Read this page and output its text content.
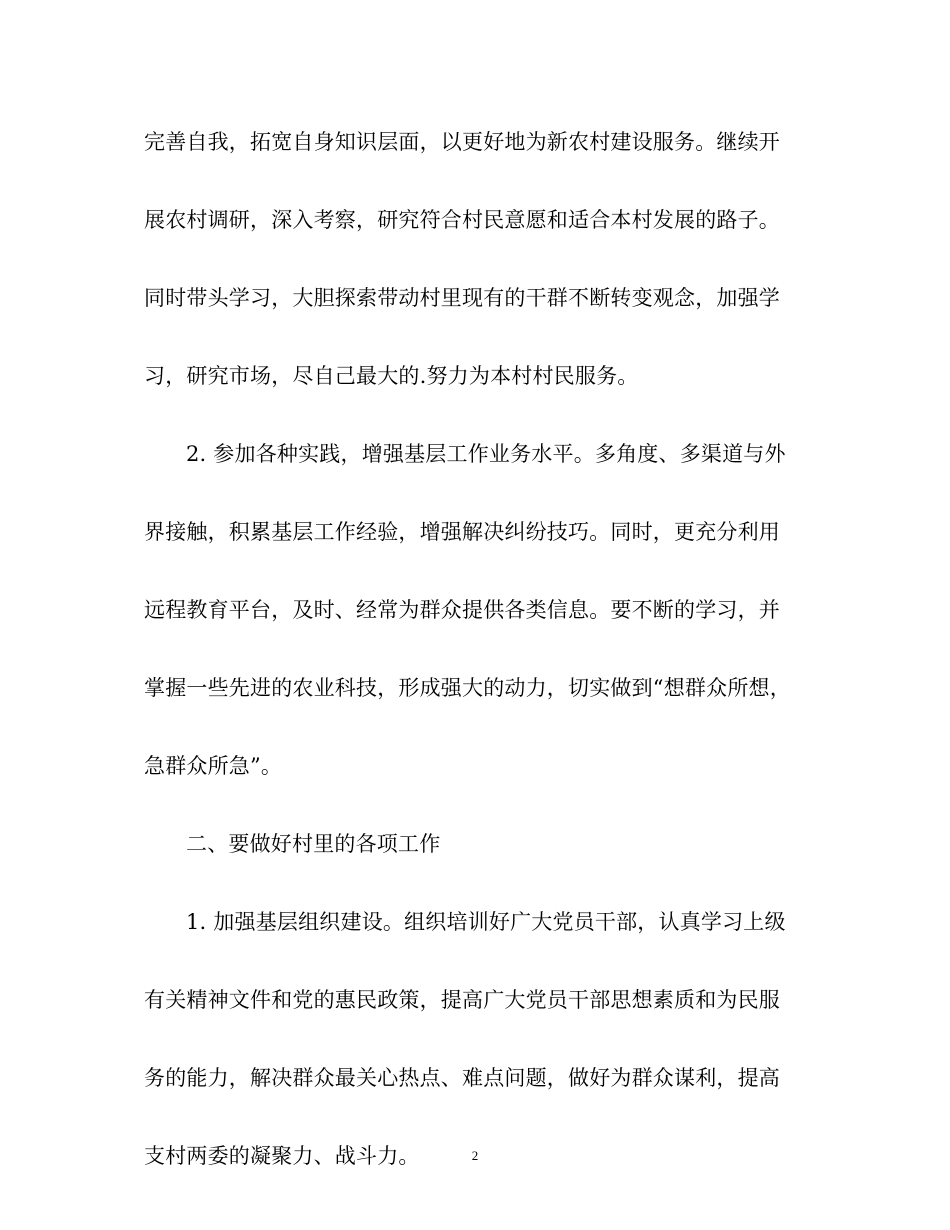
完善自我，拓宽自身知识层面，以更好地为新农村建设服务。继续开

展农村调研，深入考察，研究符合村民意愿和适合本村发展的路子。

同时带头学习，大胆探索带动村里现有的干群不断转变观念，加强学

习，研究市场，尽自己最大的.努力为本村村民服务。

2. 参加各种实践，增强基层工作业务水平。多角度、多渠道与外

界接触，积累基层工作经验，增强解决纠纷技巧。同时，更充分利用

远程教育平台，及时、经常为群众提供各类信息。要不断的学习，并

掌握一些先进的农业科技，形成强大的动力，切实做到“想群众所想，

急群众所急”。

二、要做好村里的各项工作

1. 加强基层组织建设。组织培训好广大党员干部，认真学习上级

有关精神文件和党的惠民政策，提高广大党员干部思想素质和为民服

务的能力，解决群众最关心热点、难点问题，做好为群众谋利，提高

支村两委的凝聚力、战斗力。	2
